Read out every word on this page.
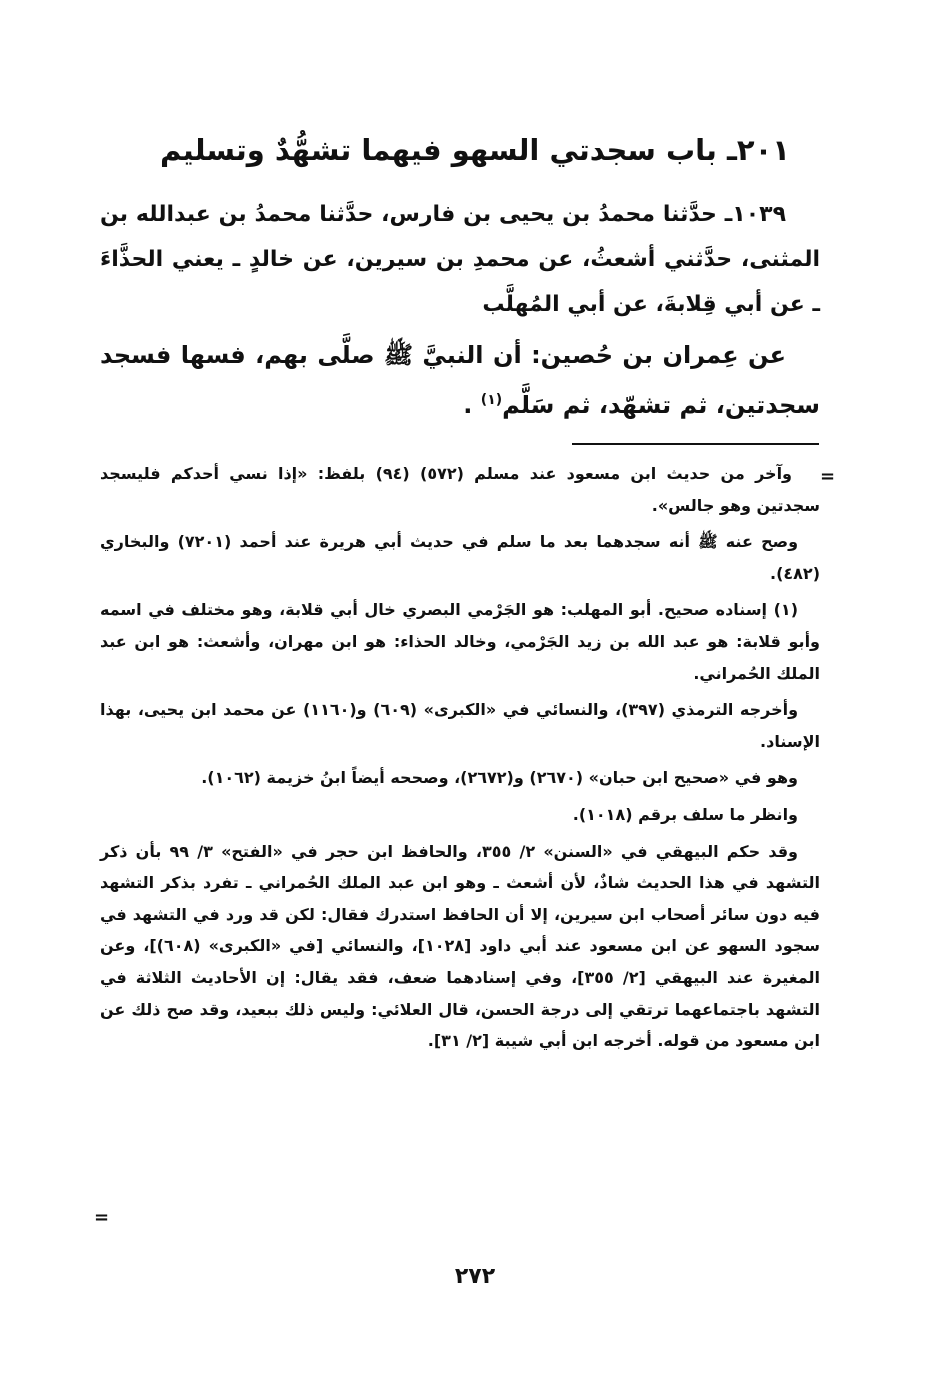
٢٠١ـ باب سجدتي السهو فيهما تشهُّدٌ وتسليم
١٠٣٩ـ حدَّثنا محمدُ بن يحيى بن فارس، حدَّثنا محمدُ بن عبدالله بن المثنى، حدَّثني أشعثُ، عن محمدِ بن سيرين، عن خالدٍ ـ يعني الحذَّاءَ ـ عن أبي قِلابةَ، عن أبي المُهلَّب
عن عِمران بن حُصين: أن النبيَّ ﷺ صلَّى بهم، فسها فسجد سجدتين، ثم تشهّد، ثم سَلَّم$^{(١)}$ .
=

وآخر من حديث ابن مسعود عند مسلم (٥٧٢) (٩٤) بلفظ: «إذا نسي أحدكم فليسجد سجدتين وهو جالس».

وصح عنه ﷺ أنه سجدهما بعد ما سلم في حديث أبي هريرة عند أحمد (٧٢٠١) والبخاري (٤٨٢).

(١) إسناده صحيح. أبو المهلب: هو الجَرْمي البصري خال أبي قلابة، وهو مختلف في اسمه وأبو قلابة: هو عبد الله بن زيد الجَرْمي، وخالد الحذاء: هو ابن مهران، وأشعث: هو ابن عبد الملك الحُمراني.

وأخرجه الترمذي (٣٩٧)، والنسائي في «الكبرى» (٦٠٩) و(١١٦٠) عن محمد ابن يحيى، بهذا الإسناد.

وهو في «صحيح ابن حبان» (٢٦٧٠) و(٢٦٧٢)، وصححه أيضاً ابنُ خزيمة (١٠٦٢).

وانظر ما سلف برقم (١٠١٨).

وقد حكم البيهقي في «السنن» ٢/ ٣٥٥، والحافظ ابن حجر في «الفتح» ٣/ ٩٩ بأن ذكر التشهد في هذا الحديث شاذٌ، لأن أشعث ـ وهو ابن عبد الملك الحُمراني ـ تفرد بذكر التشهد فيه دون سائر أصحاب ابن سيرين، إلا أن الحافظ استدرك فقال: لكن قد ورد في التشهد في سجود السهو عن ابن مسعود عند أبي داود [١٠٢٨]، والنسائي [في «الكبرى» (٦٠٨)]، وعن المغيرة عند البيهقي [٢/ ٣٥٥]، وفي إسنادهما ضعف، فقد يقال: إن الأحاديث الثلاثة في التشهد باجتماعهما ترتقي إلى درجة الحسن، قال العلائي: وليس ذلك ببعيد، وقد صح ذلك عن ابن مسعود من قوله. أخرجه ابن أبي شيبة [٢/ ٣١].

=
٢٧٢
